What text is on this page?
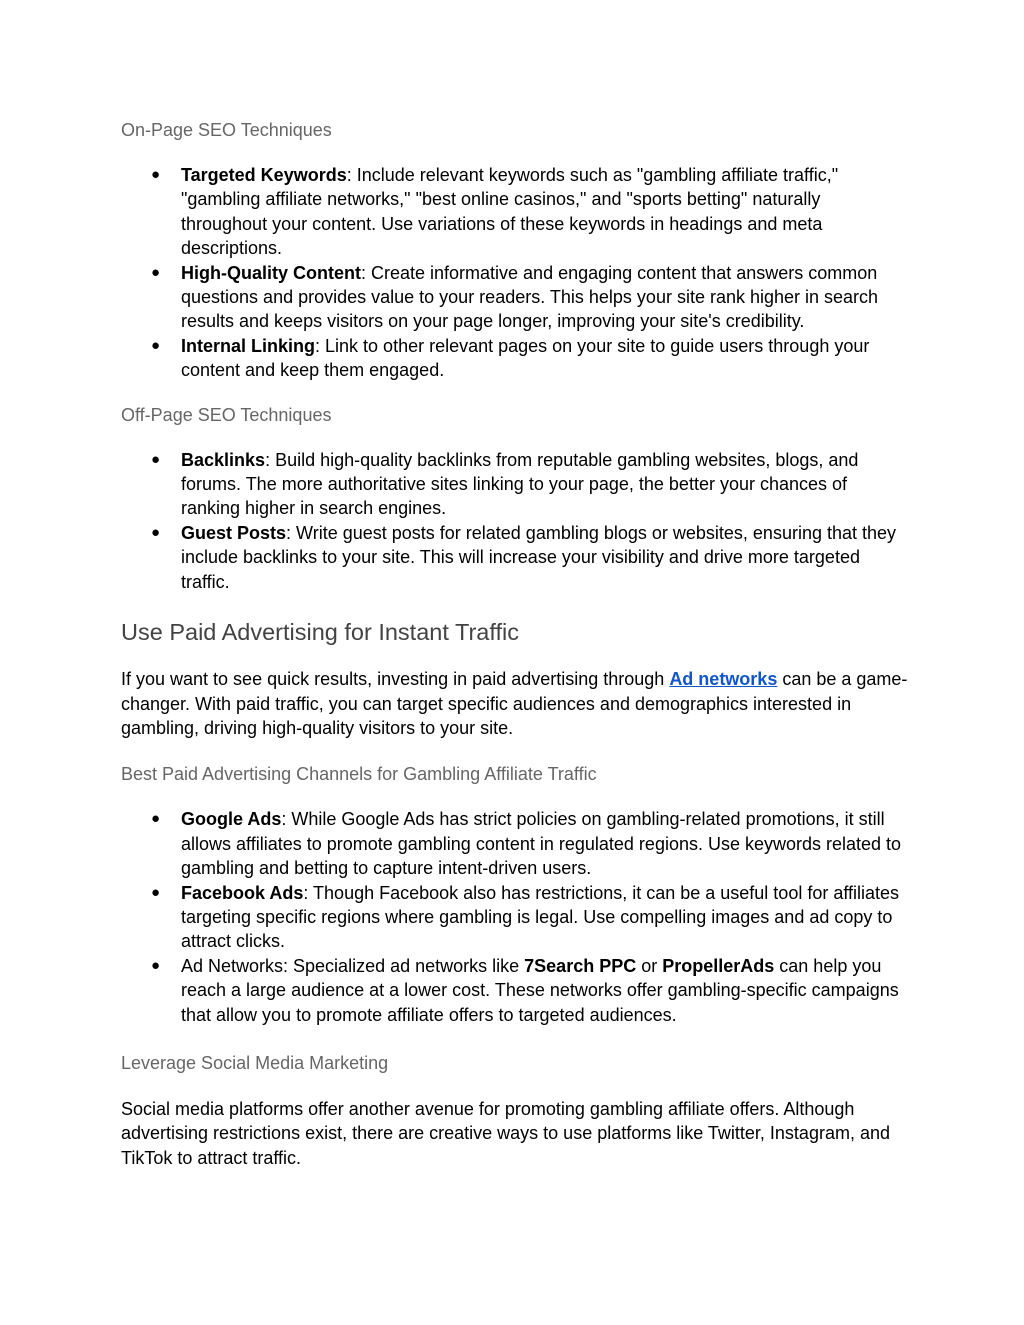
On-Page SEO Techniques

● Targeted Keywords: Include relevant keywords such as "gambling affiliate traffic," "gambling affiliate networks," "best online casinos," and "sports betting" naturally throughout your content. Use variations of these keywords in headings and meta descriptions.
● High-Quality Content: Create informative and engaging content that answers common questions and provides value to your readers. This helps your site rank higher in search results and keeps visitors on your page longer, improving your site's credibility.
● Internal Linking: Link to other relevant pages on your site to guide users through your content and keep them engaged.

Off-Page SEO Techniques

● Backlinks: Build high-quality backlinks from reputable gambling websites, blogs, and forums. The more authoritative sites linking to your page, the better your chances of ranking higher in search engines.
● Guest Posts: Write guest posts for related gambling blogs or websites, ensuring that they include backlinks to your site. This will increase your visibility and drive more targeted traffic.

Use Paid Advertising for Instant Traffic

If you want to see quick results, investing in paid advertising through Ad networks can be a game-changer. With paid traffic, you can target specific audiences and demographics interested in gambling, driving high-quality visitors to your site.

Best Paid Advertising Channels for Gambling Affiliate Traffic

● Google Ads: While Google Ads has strict policies on gambling-related promotions, it still allows affiliates to promote gambling content in regulated regions. Use keywords related to gambling and betting to capture intent-driven users.
● Facebook Ads: Though Facebook also has restrictions, it can be a useful tool for affiliates targeting specific regions where gambling is legal. Use compelling images and ad copy to attract clicks.
● Ad Networks: Specialized ad networks like 7Search PPC or PropellerAds can help you reach a large audience at a lower cost. These networks offer gambling-specific campaigns that allow you to promote affiliate offers to targeted audiences.

Leverage Social Media Marketing

Social media platforms offer another avenue for promoting gambling affiliate offers. Although advertising restrictions exist, there are creative ways to use platforms like Twitter, Instagram, and TikTok to attract traffic.
